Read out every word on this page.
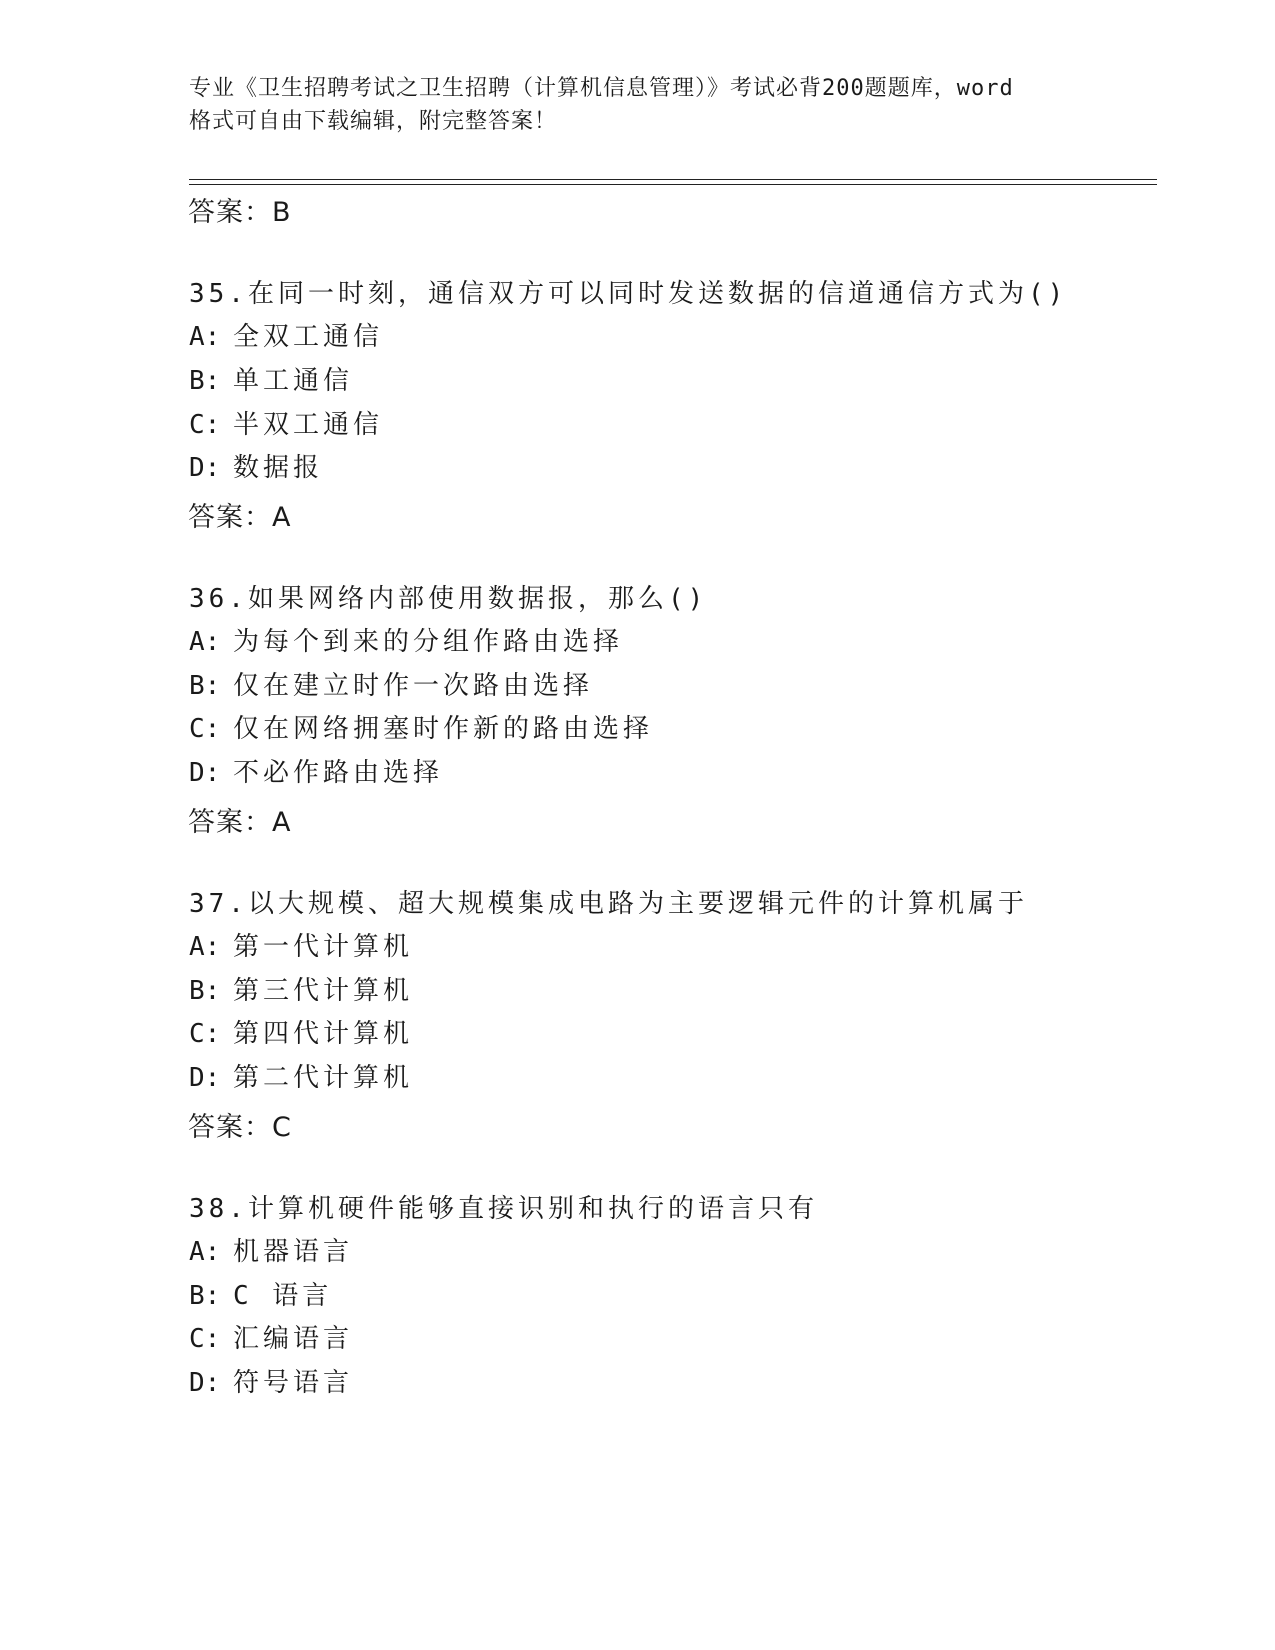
专业《卫生招聘考试之卫生招聘（计算机信息管理）》考试必背200题题库，word
格式可自由下载编辑，附完整答案！
答案：B
35.在同一时刻，通信双方可以同时发送数据的信道通信方式为()
A: 全双工通信
B: 单工通信
C: 半双工通信
D: 数据报
答案：A
36.如果网络内部使用数据报，那么()
A: 为每个到来的分组作路由选择
B: 仅在建立时作一次路由选择
C: 仅在网络拥塞时作新的路由选择
D: 不必作路由选择
答案：A
37.以大规模、超大规模集成电路为主要逻辑元件的计算机属于
A: 第一代计算机
B: 第三代计算机
C: 第四代计算机
D: 第二代计算机
答案：C
38.计算机硬件能够直接识别和执行的语言只有
A: 机器语言
B: C 语言
C: 汇编语言
D: 符号语言
